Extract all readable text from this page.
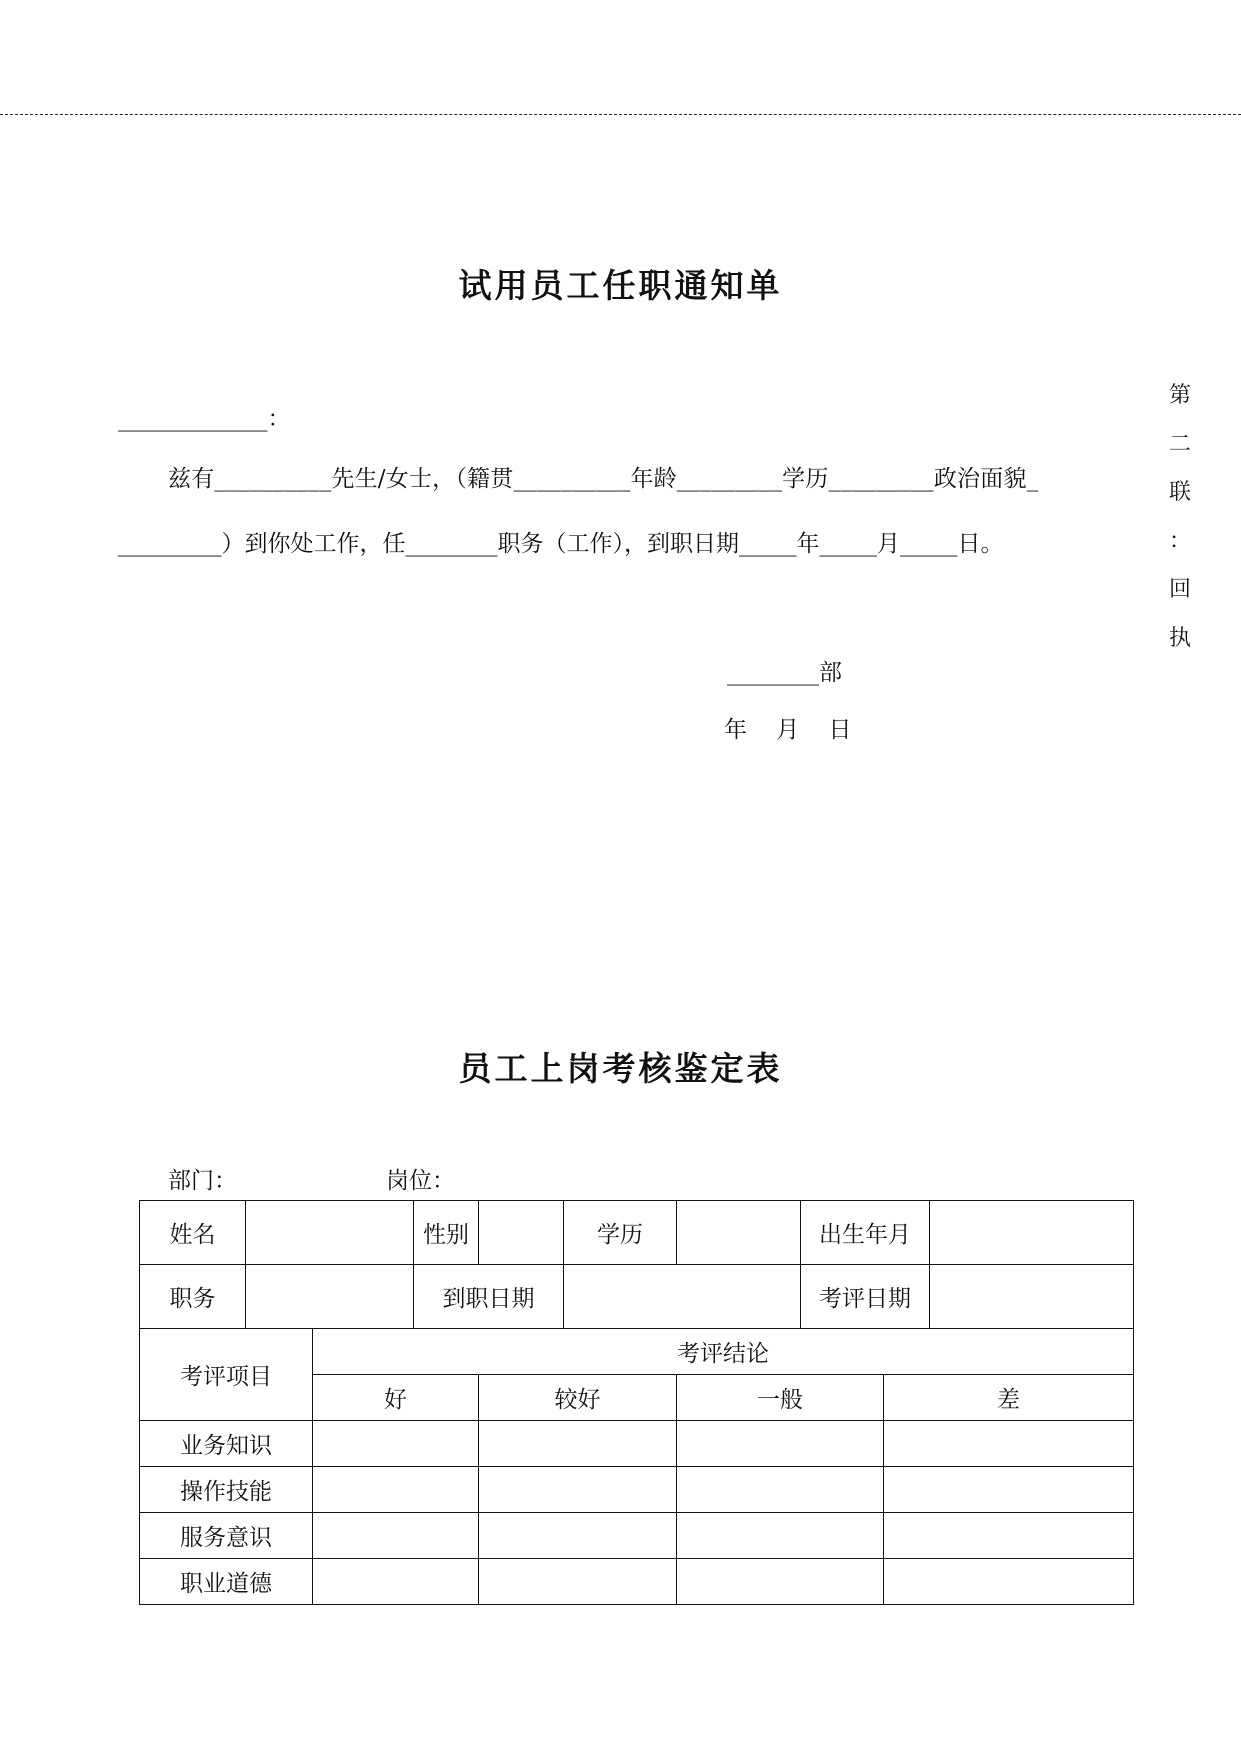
试用员工任职通知单
_____________：
兹有__________先生/女士，（籍贯__________年龄_________学历_________政治面貌_
_________）到你处工作，任________职务（工作），到职日期_____年_____月_____日。
________部
年    月    日
第
二
联
：
回
执
员工上岗考核鉴定表
部门：	岗位：
姓名			性别		学历		出生年月		
职务			到职日期				考评日期		
考评项目		考评结论							
		好		较好		一般		差	
业务知识									
操作技能									
服务意识									
职业道德									
